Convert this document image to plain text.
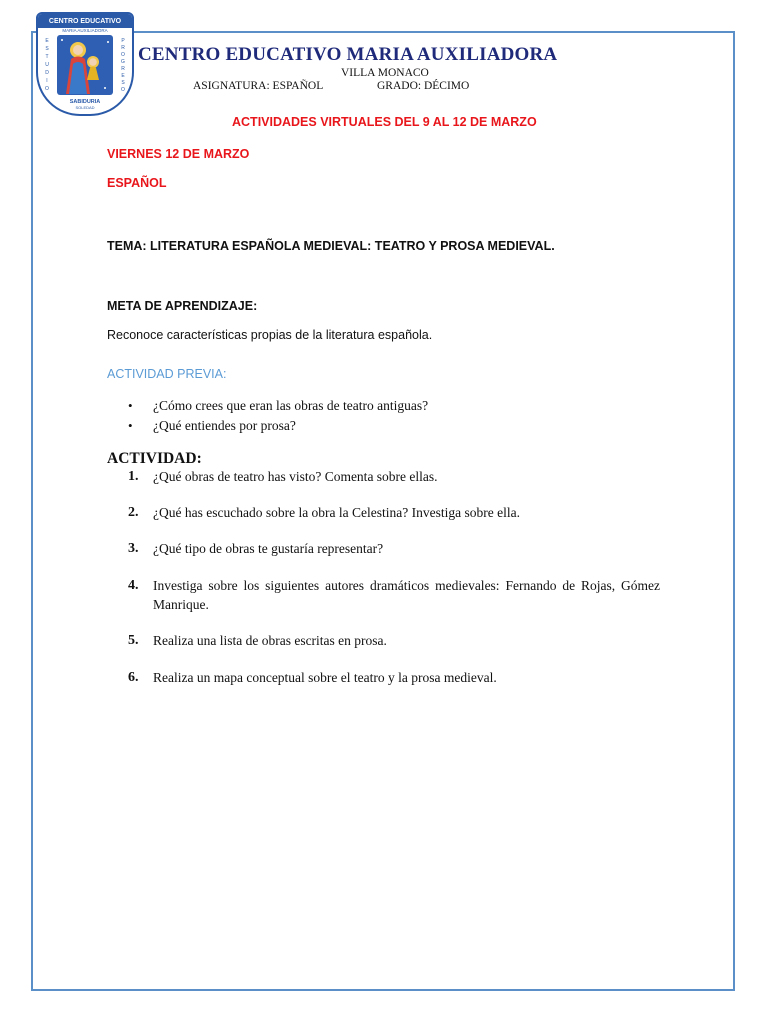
CENTRO EDUCATIVO
MARIA AUXILIADORA
E
S
T
U
D
I
O
P
R
O
G
R
E
S
O
SABIDURIA
SOLEDAD
CENTRO EDUCATIVO MARIA AUXILIADORA
VILLA MONACO
ASIGNATURA: ESPAÑOL	GRADO: DÉCIMO
ACTIVIDADES VIRTUALES DEL 9 AL 12 DE MARZO
VIERNES 12 DE MARZO
ESPAÑOL
TEMA: LITERATURA ESPAÑOLA MEDIEVAL: TEATRO Y PROSA MEDIEVAL.
META DE APRENDIZAJE:
Reconoce características propias de la literatura española.
ACTIVIDAD PREVIA:
• ¿Cómo crees que eran las obras de teatro antiguas?
• ¿Qué entiendes por prosa?
ACTIVIDAD:
1. ¿Qué obras de teatro has visto? Comenta sobre ellas.
2. ¿Qué has escuchado sobre la obra la Celestina? Investiga sobre ella.
3. ¿Qué tipo de obras te gustaría representar?
4. Investiga sobre los siguientes autores dramáticos medievales: Fernando de Rojas, Gómez Manrique.
5. Realiza una lista de obras escritas en prosa.
6. Realiza un mapa conceptual sobre el teatro y la prosa medieval.
